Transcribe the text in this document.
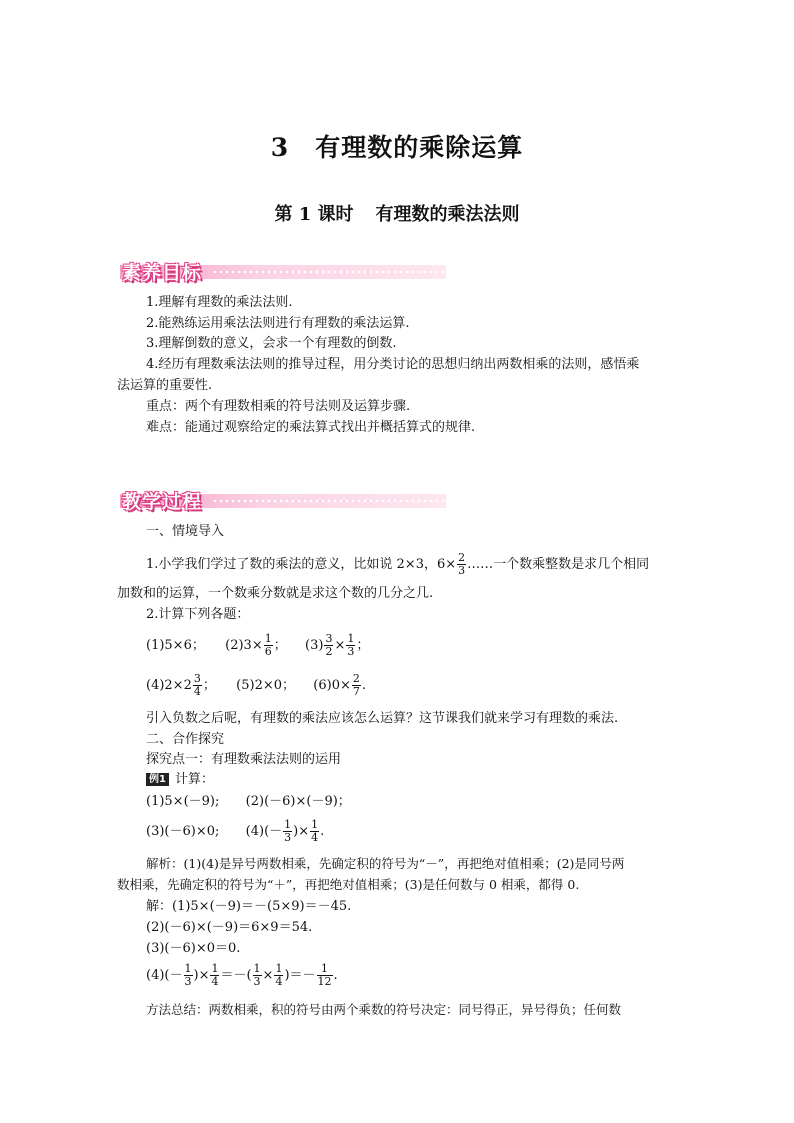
3 有理数的乘除运算
第 1 课时 有理数的乘法法则
素养目标
1.理解有理数的乘法法则.
2.能熟练运用乘法法则进行有理数的乘法运算.
3.理解倒数的意义，会求一个有理数的倒数.
4.经历有理数乘法法则的推导过程，用分类讨论的思想归纳出两数相乘的法则，感悟乘
法运算的重要性.
重点：两个有理数相乘的符号法则及运算步骤.
难点：能通过观察给定的乘法算式找出并概括算式的规律.
教学过程
一、情境导入
1.小学我们学过了数的乘法的意义，比如说 2×3，$6\times \frac{2}{3}$ ……一个数乘整数是求几个相同
加数和的运算，一个数乘分数就是求这个数的几分之几.
2.计算下列各题：
(1)5×6； $(2)3\times \frac{1}{6}$ ； $(3) \frac{3}{2} \times \frac{1}{3}$ ；
$(4)2\times 2 \frac{3}{4}$ ； (5)2×0； $(6)0\times \frac{2}{7}$ .
引入负数之后呢，有理数的乘法应该怎么运算？这节课我们就来学习有理数的乘法.
二、合作探究
探究点一：有理数乘法法则的运用
例1 计算：
(1)5×(－9); (2)(－6)×(－9)；
(3)(－6)×0; $(4)(- \frac{1}{3}$ )× $\frac{1}{4}$ .
解析：(1)(4)是异号两数相乘，先确定积的符号为“－”，再把绝对值相乘；(2)是同号两
数相乘，先确定积的符号为“＋”，再把绝对值相乘；(3)是任何数与 0 相乘，都得 0.
解：(1)5×(－9)＝－(5×9)＝－45.
(2)(－6)×(－9)＝6×9＝54.
(3)(－6)×0＝0.
$(4)(- \frac{1}{3}$ )× $\frac{1}{4}$ ＝－( $\frac{1}{3} \times \frac{1}{4}$ )＝－ $\frac{1}{12}$ .
方法总结：两数相乘，积的符号由两个乘数的符号决定：同号得正，异号得负；任何数
